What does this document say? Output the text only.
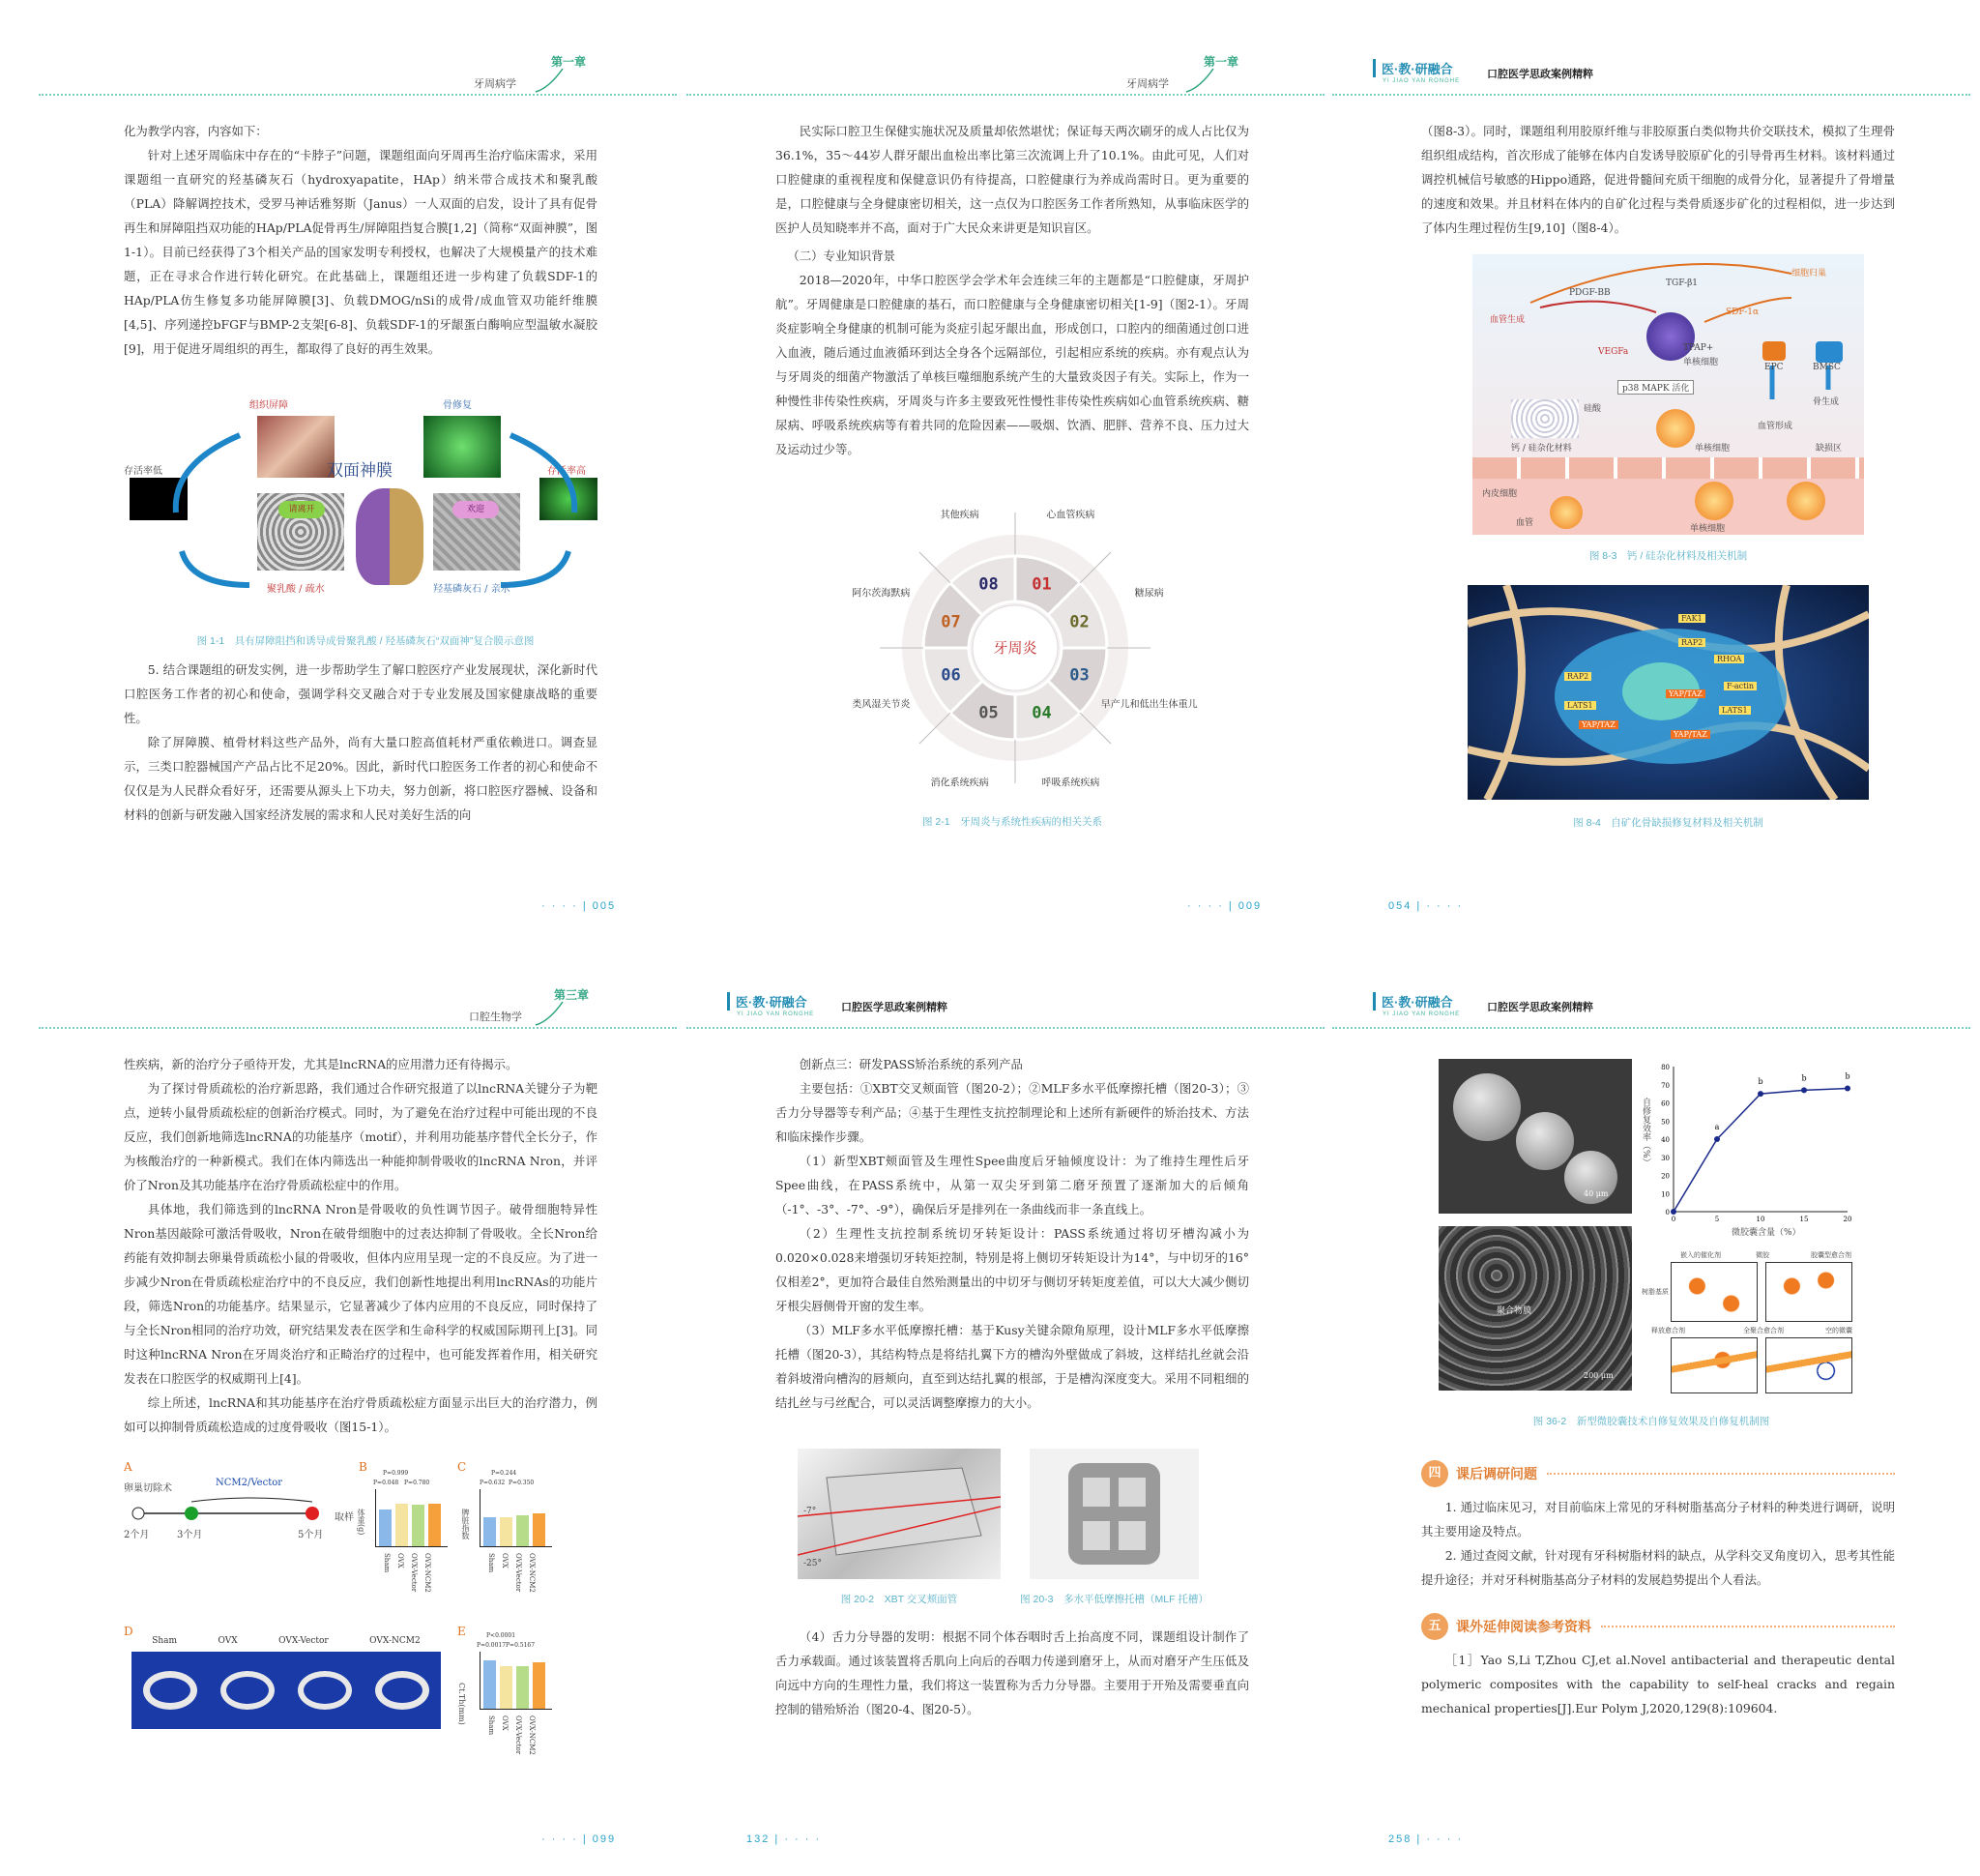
牙周病学
第一章

化为教学内容，内容如下：

针对上述牙周临床中存在的“卡脖子”问题，课题组面向牙周再生治疗临床需求，采用课题组一直研究的羟基磷灰石（hydroxyapatite，HAp）纳米带合成技术和聚乳酸（PLA）降解调控技术，受罗马神话雅努斯（Janus）一人双面的启发，设计了具有促骨再生和屏障阻挡双功能的HAp/PLA促骨再生/屏障阻挡复合膜[1,2]（简称“双面神膜”，图1-1）。目前已经获得了3个相关产品的国家发明专利授权，也解决了大规模量产的技术难题，正在寻求合作进行转化研究。在此基础上，课题组还进一步构建了负载SDF-1的HAp/PLA仿生修复多功能屏障膜[3]、负载DMOG/nSi的成骨/成血管双功能纤维膜[4,5]、序列递控bFGF与BMP-2支架[6-8]、负载SDF-1的牙龈蛋白酶响应型温敏水凝胶[9]，用于促进牙周组织的再生，都取得了良好的再生效果。

组织屏障	骨修复
存活率低	存活率高
双面神膜
请离开	欢迎
聚乳酸 / 疏水	羟基磷灰石 / 亲水
图 1-1　具有屏障阻挡和诱导成骨聚乳酸 / 羟基磷灰石“双面神”复合膜示意图

5. 结合课题组的研发实例，进一步帮助学生了解口腔医疗产业发展现状，深化新时代口腔医务工作者的初心和使命，强调学科交叉融合对于专业发展及国家健康战略的重要性。

除了屏障膜、植骨材料这些产品外，尚有大量口腔高值耗材严重依赖进口。调查显示，三类口腔器械国产产品占比不足20%。因此，新时代口腔医务工作者的初心和使命不仅仅是为人民群众看好牙，还需要从源头上下功夫，努力创新，将口腔医疗器械、设备和材料的创新与研发融入国家经济发展的需求和人民对美好生活的向

· · · · | 005
牙周病学
第一章

民实际口腔卫生保健实施状况及质量却依然堪忧；保证每天两次刷牙的成人占比仅为36.1%，35～44岁人群牙龈出血检出率比第三次流调上升了10.1%。由此可见，人们对口腔健康的重视程度和保健意识仍有待提高，口腔健康行为养成尚需时日。更为重要的是，口腔健康与全身健康密切相关，这一点仅为口腔医务工作者所熟知，从事临床医学的医护人员知晓率并不高，面对于广大民众来讲更是知识盲区。

（二）专业知识背景

2018—2020年，中华口腔医学会学术年会连续三年的主题都是“口腔健康，牙周护航”。牙周健康是口腔健康的基石，而口腔健康与全身健康密切相关[1-9]（图2-1）。牙周炎症影响全身健康的机制可能为炎症引起牙龈出血，形成创口，口腔内的细菌通过创口进入血液，随后通过血液循环到达全身各个远隔部位，引起相应系统的疾病。亦有观点认为与牙周炎的细菌产物激活了单核巨噬细胞系统产生的大量致炎因子有关。实际上，作为一种慢性非传染性疾病，牙周炎与许多主要致死性慢性非传染性疾病如心血管系统疾病、糖尿病、呼吸系统疾病等有着共同的危险因素——吸烟、饮酒、肥胖、营养不良、压力过大及运动过少等。

01
心血管疾病
02
糖尿病
03
早产儿和低出生体重儿
04
呼吸系统疾病
05
消化系统疾病
06
类风湿关节炎
07
阿尔茨海默病	08
其他疾病
牙周炎
图 2-1　牙周炎与系统性疾病的相关关系
· · · · | 009
医·教·研融合
YI JIAO YAN RONGHE
口腔医学思政案例精粹

（图8-3）。同时，课题组利用胶原纤维与非胶原蛋白类似物共价交联技术，模拟了生理骨组织组成结构，首次形成了能够在体内自发诱导胶原矿化的引导骨再生材料。该材料通过调控机械信号敏感的Hippo通路，促进骨髓间充质干细胞的成骨分化，显著提升了骨增量的速度和效果。并且材料在体内的自矿化过程与类骨质逐步矿化的过程相似，进一步达到了体内生理过程仿生[9,10]（图8-4）。

PDGF-BB
TGF-β1
细胞归巢
SDF-1α
血管生成
VEGFa	TPAP+
单核细胞
p38 MAPK 活化
EPC	BMSC
骨生成
硅酸
钙 / 硅杂化材料	单核细胞
血管形成
缺损区
内皮细胞
血管
单核细胞
图 8-3　钙 / 硅杂化材料及相关机制
FAK1
RAP2
RHOA
RAP2
F-actin
LATS1
LATS1
YAP/TAZ
YAP/TAZ
YAP/TAZ
图 8-4　自矿化骨缺损修复材料及相关机制
054 | · · · ·
口腔生物学
第三章

性疾病，新的治疗分子亟待开发，尤其是lncRNA的应用潜力还有待揭示。

为了探讨骨质疏松的治疗新思路，我们通过合作研究报道了以lncRNA关键分子为靶点，逆转小鼠骨质疏松症的创新治疗模式。同时，为了避免在治疗过程中可能出现的不良反应，我们创新地筛选lncRNA的功能基序（motif），并利用功能基序替代全长分子，作为核酸治疗的一种新模式。我们在体内筛选出一种能抑制骨吸收的lncRNA Nron，并评价了Nron及其功能基序在治疗骨质疏松症中的作用。

具体地，我们筛选到的lncRNA Nron是骨吸收的负性调节因子。破骨细胞特异性Nron基因敲除可激活骨吸收，Nron在破骨细胞中的过表达抑制了骨吸收。全长Nron给药能有效抑制去卵巢骨质疏松小鼠的骨吸收，但体内应用呈现一定的不良反应。为了进一步减少Nron在骨质疏松症治疗中的不良反应，我们创新性地提出利用lncRNAs的功能片段，筛选Nron的功能基序。结果显示，它显著减少了体内应用的不良反应，同时保持了与全长Nron相同的治疗功效，研究结果发表在医学和生命科学的权威国际期刊上[3]。同时这种lncRNA Nron在牙周炎治疗和正畸治疗的过程中，也可能发挥着作用，相关研究发表在口腔医学的权威期刊上[4]。

综上所述，lncRNA和其功能基序在治疗骨质疏松症方面显示出巨大的治疗潜力，例如可以抑制骨质疏松造成的过度骨吸收（图15-1）。

A
卵巢切除术
NCM2/Vector
2个月	3个月	5个月
取样
B	C
D	E
体重(g)	脾脏指数
Ct.Th(mm)
P=0.999
P=0.048 P=0.780
P=0.244
P=0.632 P=0.350
P<0.0001
P=0.0017 P=0.5167
Sham OVX OVX-Vector OVX-NCM2	Sham OVX OVX-Vector OVX-NCM2
Sham OVX OVX-Vector OVX-NCM2
Sham	OVX	OVX-Vector	OVX-NCM2
· · · · | 099
医·教·研融合
YI JIAO YAN RONGHE
口腔医学思政案例精粹

创新点三：研发PASS矫治系统的系列产品

主要包括：①XBT交叉颊面管（图20-2）；②MLF多水平低摩擦托槽（图20-3）；③舌力分导器等专利产品；④基于生理性支抗控制理论和上述所有新硬件的矫治技术、方法和临床操作步骤。

（1）新型XBT颊面管及生理性Spee曲度后牙轴倾度设计：为了维持生理性后牙Spee曲线，在PASS系统中，从第一双尖牙到第二磨牙预置了逐渐加大的后倾角（-1°、-3°、-7°、-9°），确保后牙是排列在一条曲线而非一条直线上。

（2）生理性支抗控制系统切牙转矩设计：PASS系统通过将切牙槽沟减小为0.020×0.028来增强切牙转矩控制，特别是将上侧切牙转矩设计为14°，与中切牙的16°仅相差2°，更加符合最佳自然殆测量出的中切牙与侧切牙转矩度差值，可以大大减少侧切牙根尖唇侧骨开窗的发生率。

（3）MLF多水平低摩擦托槽：基于Kusy关键余隙角原理，设计MLF多水平低摩擦托槽（图20-3），其结构特点是将结扎翼下方的槽沟外壁做成了斜坡，这样结扎丝就会沿着斜坡滑向槽沟的唇颊向，直至到达结扎翼的根部，于是槽沟深度变大。采用不同粗细的结扎丝与弓丝配合，可以灵活调整摩擦力的大小。

-7°
-25°
图 20-2　XBT 交叉颊面管	图 20-3　多水平低摩擦托槽（MLF 托槽）

（4）舌力分导器的发明：根据不同个体吞咽时舌上抬高度不同，课题组设计制作了舌力承载面。通过该装置将舌肌向上向后的吞咽力传递到磨牙上，从而对磨牙产生压低及向远中方向的生理性力量，我们将这一装置称为舌力分导器。主要用于开殆及需要垂直向控制的错殆矫治（图20-4、图20-5）。

132 | · · · ·
医·教·研融合
YI JIAO YAN RONGHE
口腔医学思政案例精粹
40 μm
聚合物膜
200 μm
80
70
60
50
40
30
20
10
0
0	5	10	15	20
a
b	b	b
自修复效率（%）
微胶囊含量（%）
嵌入的催化剂	微胶	胶囊型愈合剂
树脂基质
释放愈合剂	全聚合愈合剂	空的微囊
图 36-2　新型微胶囊技术自修复效果及自修复机制图
四	课后调研问题

1. 通过临床见习，对目前临床上常见的牙科树脂基高分子材料的种类进行调研，说明其主要用途及特点。

2. 通过查阅文献，针对现有牙科树脂材料的缺点，从学科交叉角度切入，思考其性能提升途径；并对牙科树脂基高分子材料的发展趋势提出个人看法。

五	课外延伸阅读参考资料

［1］Yao S,Li T,Zhou CJ,et al.Novel antibacterial and therapeutic dental polymeric composites with the capability to self-heal cracks and regain mechanical properties[J].Eur Polym J,2020,129(8):109604.

258 | · · · ·
